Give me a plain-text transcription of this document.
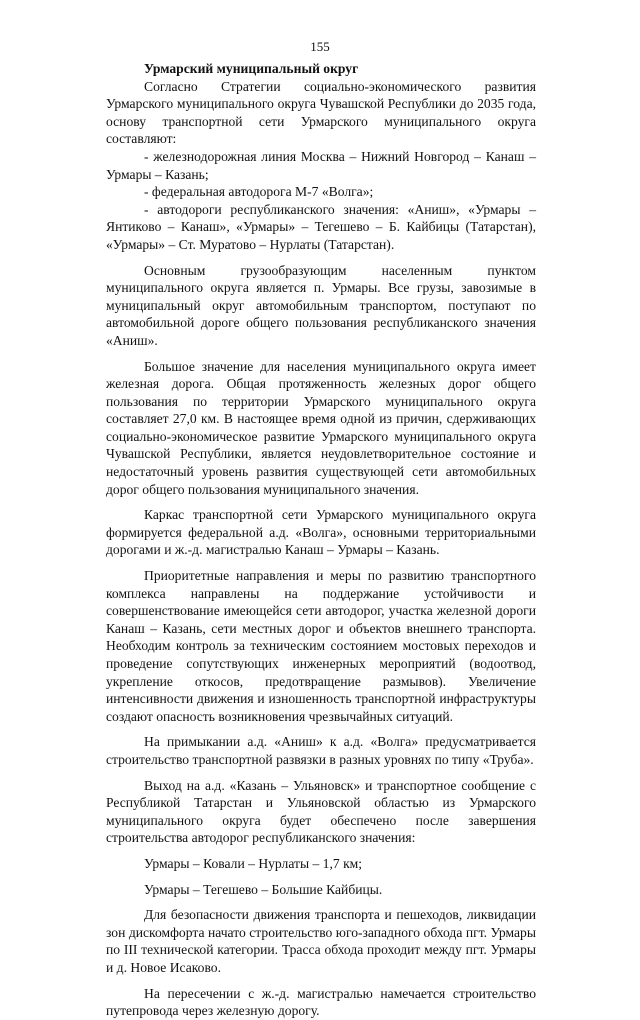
155

Урмарский муниципальный округ

Согласно Стратегии социально-экономического развития Урмарского муниципального округа Чувашской Республики до 2035 года, основу транспортной сети Урмарского муниципального округа составляют:

- железнодорожная линия Москва – Нижний Новгород – Канаш – Урмары – Казань;

- федеральная автодорога М-7 «Волга»;

- автодороги республиканского значения: «Аниш», «Урмары – Янтиково – Канаш», «Урмары» – Тегешево – Б. Кайбицы (Татарстан), «Урмары» – Ст. Муратово – Нурлаты (Татарстан).

Основным грузообразующим населенным пунктом муниципального округа является п. Урмары. Все грузы, завозимые в муниципальный округ автомобильным транспортом, поступают по автомобильной дороге общего пользования республиканского значения «Аниш».

Большое значение для населения муниципального округа имеет железная дорога. Общая протяженность железных дорог общего пользования по территории Урмарского муниципального округа составляет 27,0 км. В настоящее время одной из причин, сдерживающих социально-экономическое развитие Урмарского муниципального округа Чувашской Республики, является неудовлетворительное состояние и недостаточный уровень развития существующей сети автомобильных дорог общего пользования муниципального значения.

Каркас транспортной сети Урмарского муниципального округа формируется федеральной а.д. «Волга», основными территориальными дорогами и ж.-д. магистралью Канаш – Урмары – Казань.

Приоритетные направления и меры по развитию транспортного комплекса направлены на поддержание устойчивости и совершенствование имеющейся сети автодорог, участка железной дороги Канаш – Казань, сети местных дорог и объектов внешнего транспорта. Необходим контроль за техническим состоянием мостовых переходов и проведение сопутствующих инженерных мероприятий (водоотвод, укрепление откосов, предотвращение размывов). Увеличение интенсивности движения и изношенность транспортной инфраструктуры создают опасность возникновения чрезвычайных ситуаций.

На примыкании а.д. «Аниш» к а.д. «Волга» предусматривается строительство транспортной развязки в разных уровнях по типу «Труба».

Выход на а.д. «Казань – Ульяновск» и транспортное сообщение с Республикой Татарстан и Ульяновской областью из Урмарского муниципального округа будет обеспечено после завершения строительства автодорог республиканского значения:

Урмары – Ковали – Нурлаты – 1,7 км;

Урмары – Тегешево – Большие Кайбицы.

Для безопасности движения транспорта и пешеходов, ликвидации зон дискомфорта начато строительство юго-западного обхода пгт. Урмары по III технической категории. Трасса обхода проходит между пгт. Урмары и д. Новое Исаково.

На пересечении с ж.-д. магистралью намечается строительство путепровода через железную дорогу.
